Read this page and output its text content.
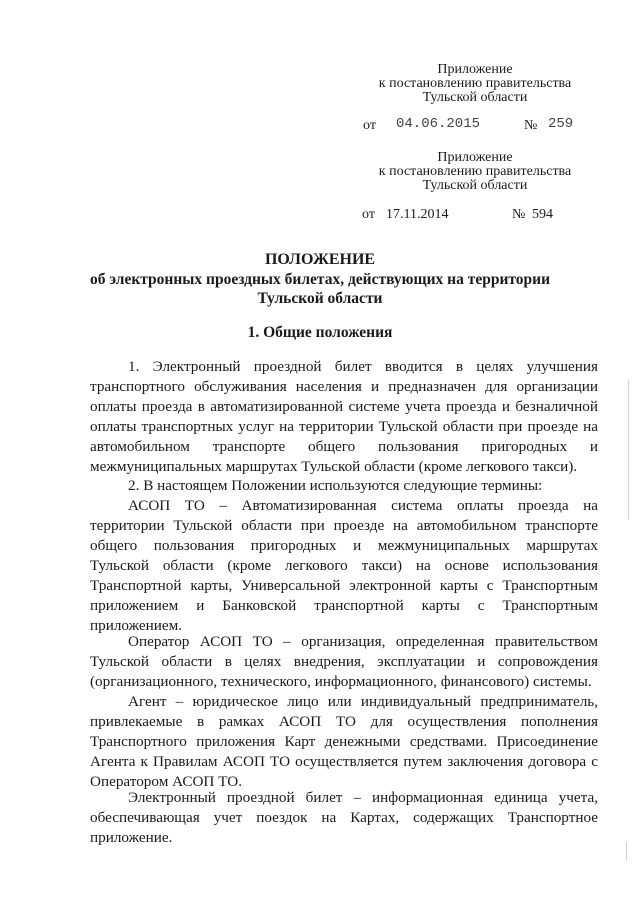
Приложение
к постановлению правительства
Тульской области
от 04.06.2015	№ 259
Приложение
к постановлению правительства
Тульской области
от 17.11.2014	№ 594
ПОЛОЖЕНИЕ
об электронных проездных билетах, действующих на территории
Тульской области
1. Общие положения
1. Электронный проездной билет вводится в целях улучшения
транспортного обслуживания населения и предназначен для организации
оплаты проезда в автоматизированной системе учета проезда и безналичной
оплаты транспортных услуг на территории Тульской области при проезде на
автомобильном транспорте общего пользования пригородных и
межмуниципальных маршрутах Тульской области (кроме легкового такси).
2. В настоящем Положении используются следующие термины:
АСОП ТО – Автоматизированная система оплаты проезда на
территории Тульской области при проезде на автомобильном транспорте
общего пользования пригородных и межмуниципальных маршрутах
Тульской области (кроме легкового такси) на основе использования
Транспортной карты, Универсальной электронной карты с Транспортным
приложением и Банковской транспортной карты с Транспортным
приложением.
Оператор АСОП ТО – организация, определенная правительством
Тульской области в целях внедрения, эксплуатации и сопровождения
(организационного, технического, информационного, финансового) системы.
Агент – юридическое лицо или индивидуальный предприниматель,
привлекаемые в рамках АСОП ТО для осуществления пополнения
Транспортного приложения Карт денежными средствами. Присоединение
Агента к Правилам АСОП ТО осуществляется путем заключения договора с
Оператором АСОП ТО.
Электронный проездной билет – информационная единица учета,
обеспечивающая учет поездок на Картах, содержащих Транспортное
приложение.
